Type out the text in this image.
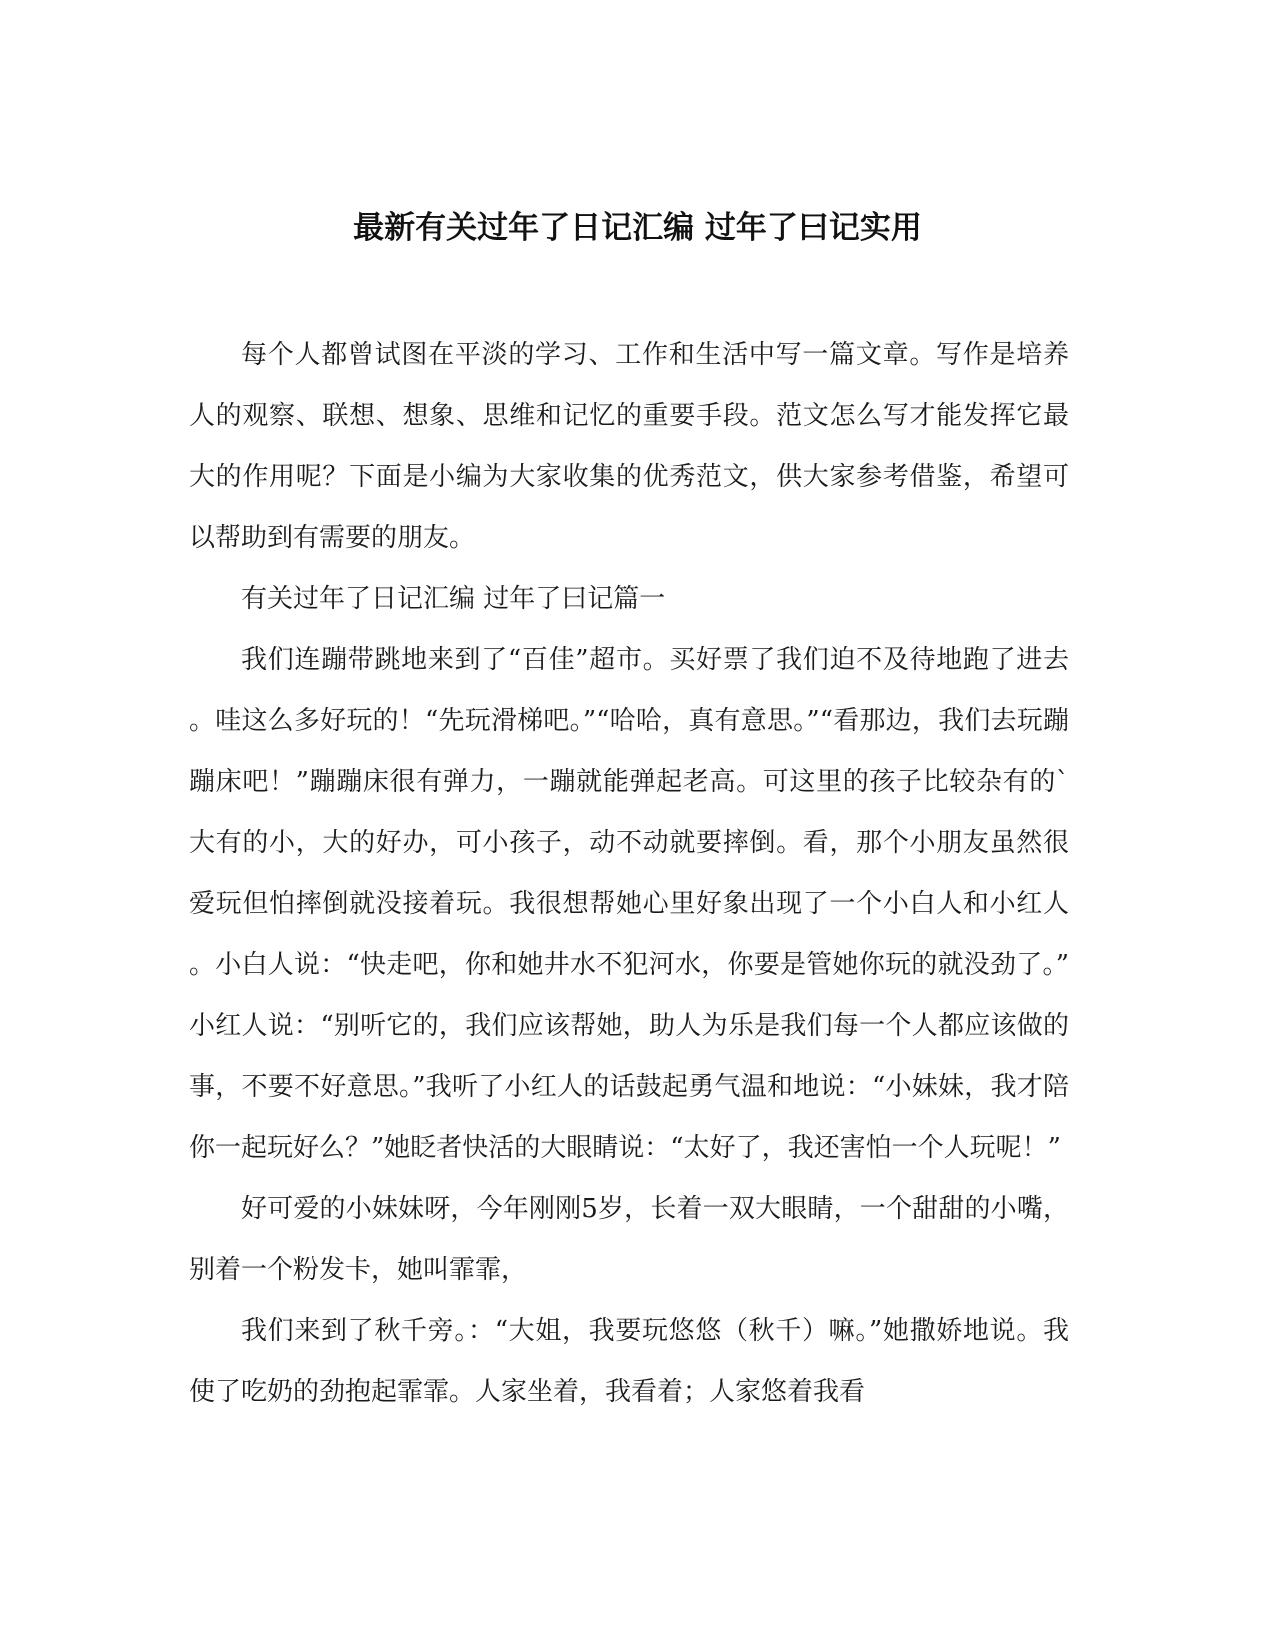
最新有关过年了日记汇编 过年了曰记实用

每个人都曾试图在平淡的学习、工作和生活中写一篇文章。写作是培养人的观察、联想、想象、思维和记忆的重要手段。范文怎么写才能发挥它最大的作用呢？下面是小编为大家收集的优秀范文，供大家参考借鉴，希望可以帮助到有需要的朋友。

有关过年了日记汇编 过年了曰记篇一

我们连蹦带跳地来到了“百佳”超市。买好票了我们迫不及待地跑了进去。哇这么多好玩的！“先玩滑梯吧。”“哈哈，真有意思。”“看那边，我们去玩蹦蹦床吧！”蹦蹦床很有弹力，一蹦就能弹起老高。可这里的孩子比较杂有的`大有的小，大的好办，可小孩子，动不动就要摔倒。看，那个小朋友虽然很爱玩但怕摔倒就没接着玩。我很想帮她心里好象出现了一个小白人和小红人。小白人说：“快走吧，你和她井水不犯河水，你要是管她你玩的就没劲了。”小红人说：“别听它的，我们应该帮她，助人为乐是我们每一个人都应该做的事，不要不好意思。”我听了小红人的话鼓起勇气温和地说：“小妹妹，我才陪你一起玩好么？”她眨者快活的大眼睛说：“太好了，我还害怕一个人玩呢！”

好可爱的小妹妹呀，今年刚刚5岁，长着一双大眼睛，一个甜甜的小嘴，别着一个粉发卡，她叫霏霏，

我们来到了秋千旁。：“大姐，我要玩悠悠（秋千）嘛。”她撒娇地说。我使了吃奶的劲抱起霏霏。人家坐着，我看着；人家悠着我看
